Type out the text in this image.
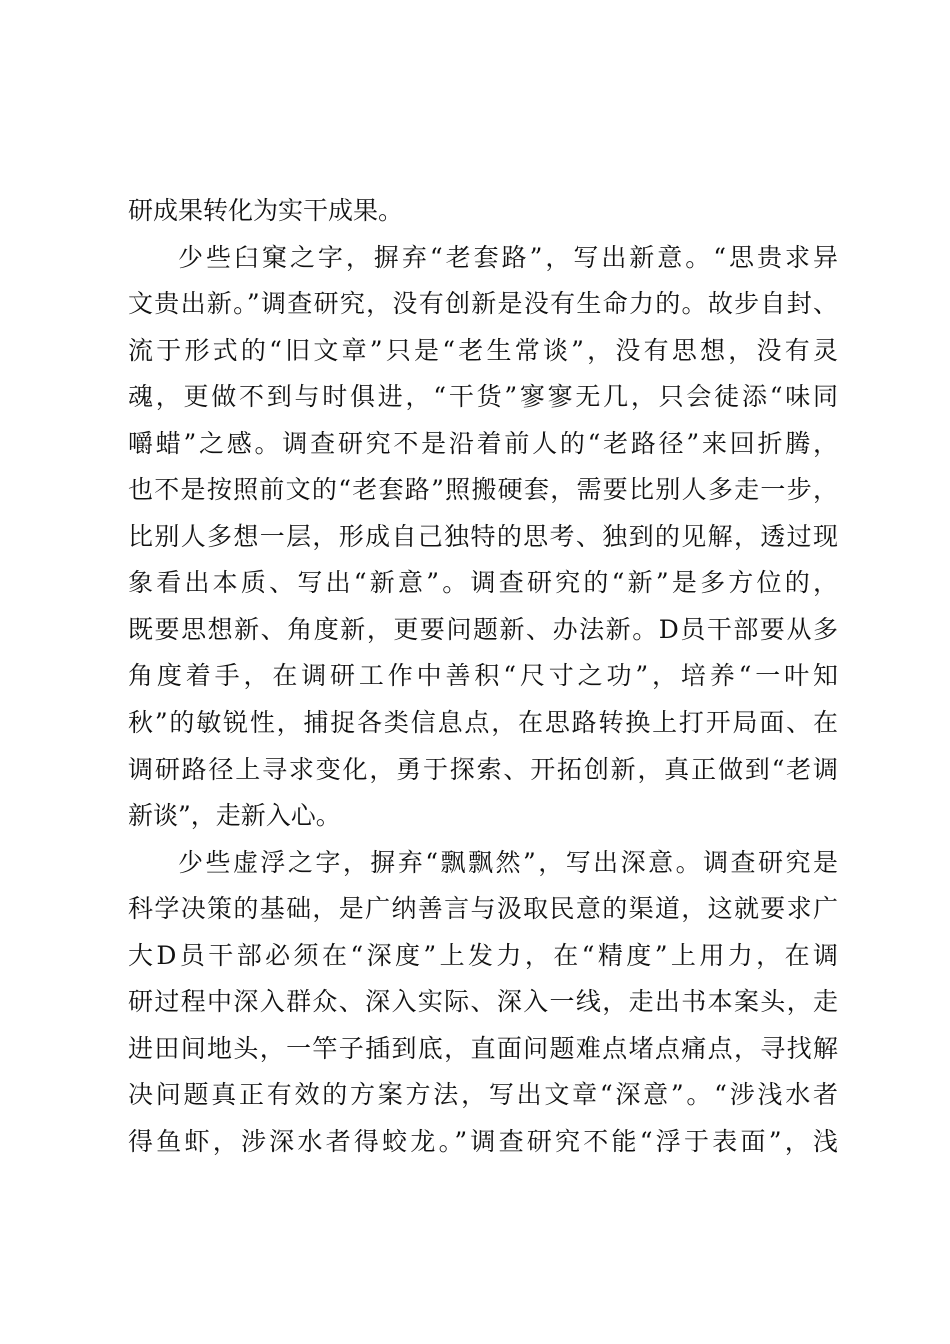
研成果转化为实干成果。
少些臼窠之字，摒弃“老套路”，写出新意。“思贵求异
文贵出新。”调查研究，没有创新是没有生命力的。故步自封、
流于形式的“旧文章”只是“老生常谈”，没有思想，没有灵
魂，更做不到与时俱进，“干货”寥寥无几，只会徒添“味同
嚼蜡”之感。调查研究不是沿着前人的“老路径”来回折腾，
也不是按照前文的“老套路”照搬硬套，需要比别人多走一步，
比别人多想一层，形成自己独特的思考、独到的见解，透过现
象看出本质、写出“新意”。调查研究的“新”是多方位的，
既要思想新、角度新，更要问题新、办法新。D员干部要从多
角度着手，在调研工作中善积“尺寸之功”，培养“一叶知
秋”的敏锐性，捕捉各类信息点，在思路转换上打开局面、在
调研路径上寻求变化，勇于探索、开拓创新，真正做到“老调
新谈”，走新入心。
少些虚浮之字，摒弃“飘飘然”，写出深意。调查研究是
科学决策的基础，是广纳善言与汲取民意的渠道，这就要求广
大D员干部必须在“深度”上发力，在“精度”上用力，在调
研过程中深入群众、深入实际、深入一线，走出书本案头，走
进田间地头，一竿子插到底，直面问题难点堵点痛点，寻找解
决问题真正有效的方案方法，写出文章“深意”。“涉浅水者
得鱼虾，涉深水者得蛟龙。”调查研究不能“浮于表面”，浅
